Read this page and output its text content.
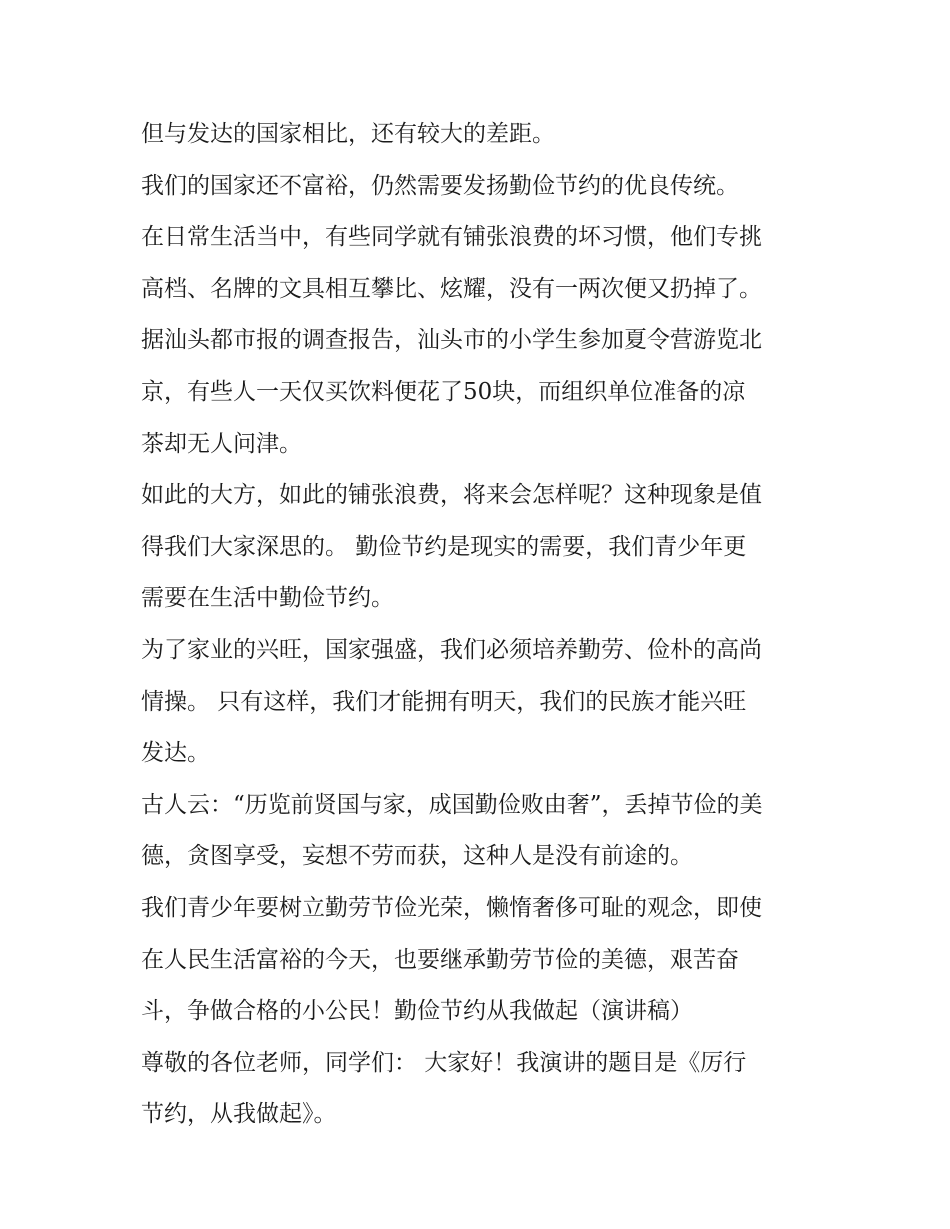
但与发达的国家相比，还有较大的差距。
我们的国家还不富裕，仍然需要发扬勤俭节约的优良传统。
在日常生活当中，有些同学就有铺张浪费的坏习惯，他们专挑
高档、名牌的文具相互攀比、炫耀，没有一两次便又扔掉了。
据汕头都市报的调查报告，汕头市的小学生参加夏令营游览北
京，有些人一天仅买饮料便花了50块，而组织单位准备的凉
茶却无人问津。
如此的大方，如此的铺张浪费，将来会怎样呢？这种现象是值
得我们大家深思的。 勤俭节约是现实的需要，我们青少年更
需要在生活中勤俭节约。
为了家业的兴旺，国家强盛，我们必须培养勤劳、俭朴的高尚
情操。 只有这样，我们才能拥有明天，我们的民族才能兴旺
发达。
古人云：“历览前贤国与家，成国勤俭败由奢”，丢掉节俭的美
德，贪图享受，妄想不劳而获，这种人是没有前途的。
我们青少年要树立勤劳节俭光荣，懒惰奢侈可耻的观念，即使
在人民生活富裕的今天，也要继承勤劳节俭的美德，艰苦奋
斗，争做合格的小公民！勤俭节约从我做起（演讲稿）
尊敬的各位老师，同学们： 大家好！我演讲的题目是《厉行
节约，从我做起》。
